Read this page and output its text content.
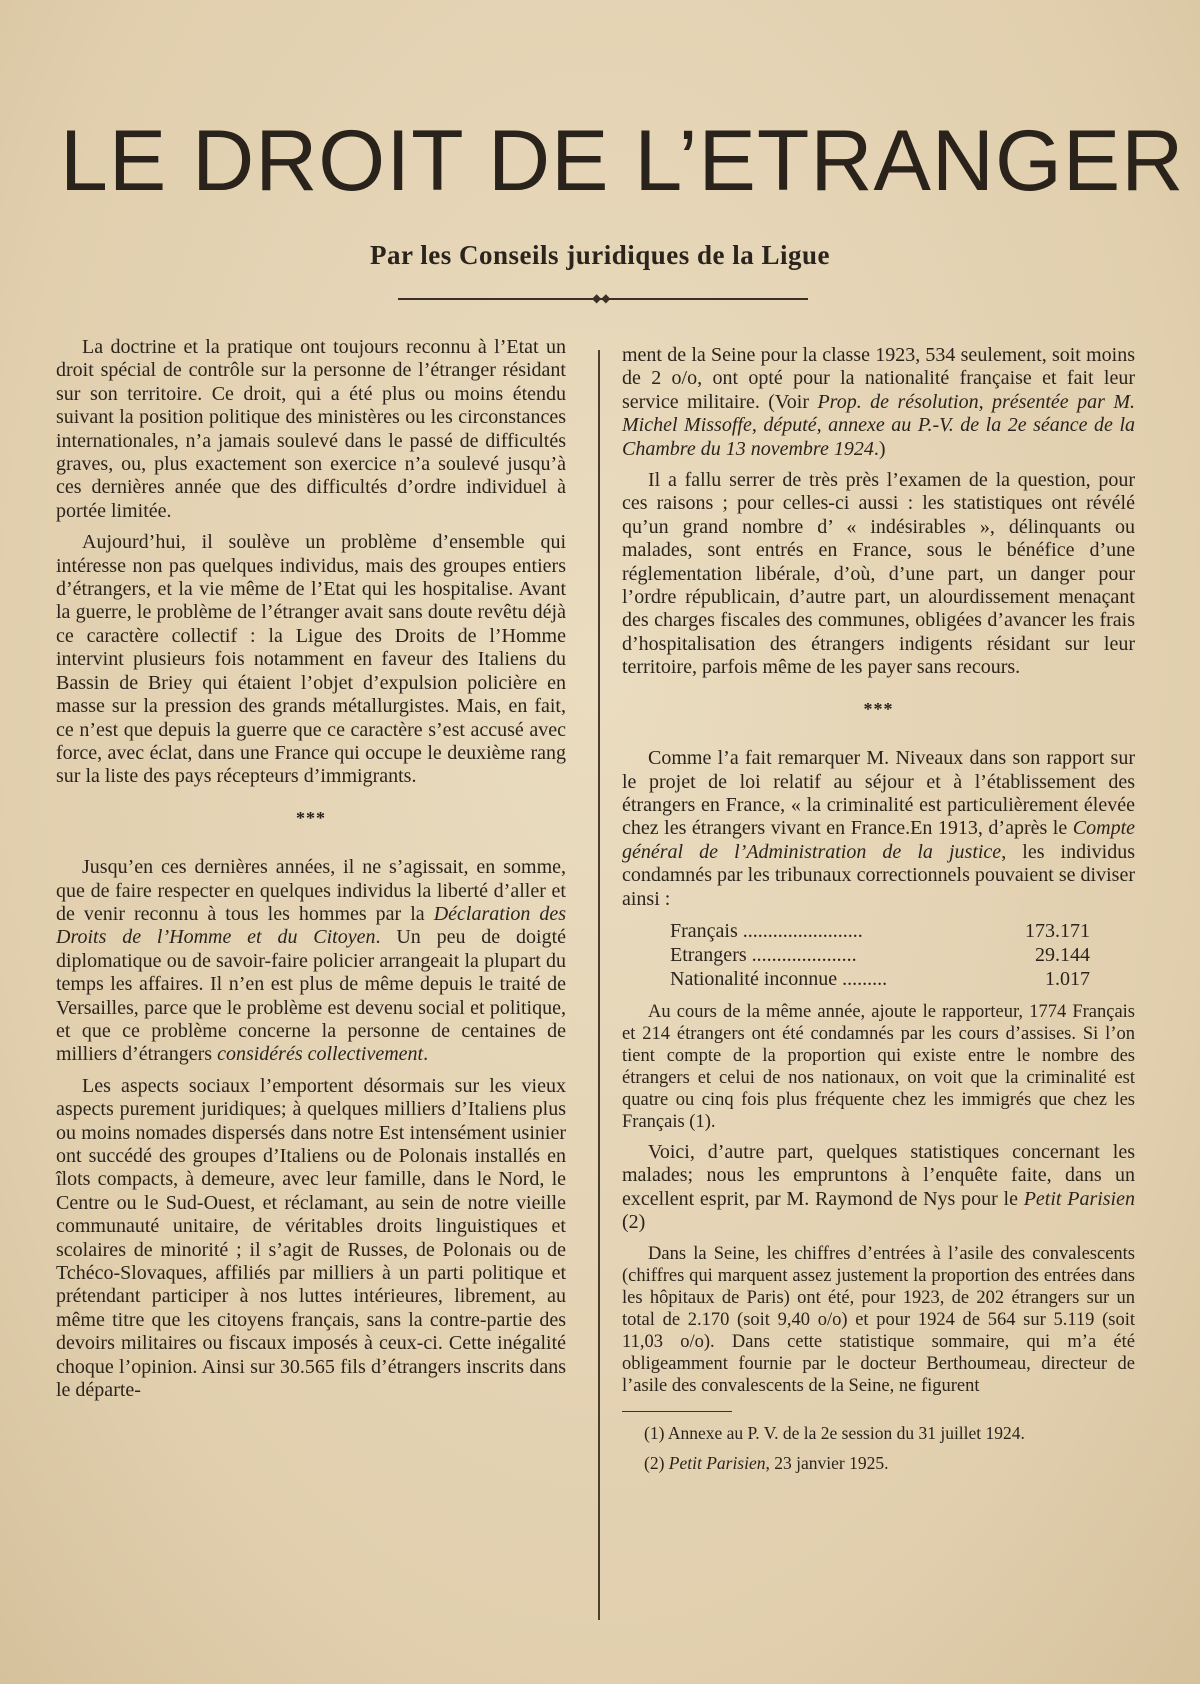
LE DROIT DE L’ETRANGER
Par les Conseils juridiques de la Ligue
◆◆

La doctrine et la pratique ont toujours reconnu à l’Etat un droit spécial de contrôle sur la personne de l’étranger résidant sur son territoire. Ce droit, qui a été plus ou moins étendu suivant la position politique des ministères ou les circonstances internationales, n’a jamais soulevé dans le passé de difficultés graves, ou, plus exactement son exercice n’a soulevé jusqu’à ces dernières année que des difficultés d’ordre individuel à portée limitée.

Aujourd’hui, il soulève un problème d’ensemble qui intéresse non pas quelques individus, mais des groupes entiers d’étrangers, et la vie même de l’Etat qui les hospitalise. Avant la guerre, le problème de l’étranger avait sans doute revêtu déjà ce caractère collectif : la Ligue des Droits de l’Homme intervint plusieurs fois notamment en faveur des Italiens du Bassin de Briey qui étaient l’objet d’expulsion policière en masse sur la pression des grands métallurgistes. Mais, en fait, ce n’est que depuis la guerre que ce caractère s’est accusé avec force, avec éclat, dans une France qui occupe le deuxième rang sur la liste des pays récepteurs d’immigrants.

***

Jusqu’en ces dernières années, il ne s’agissait, en somme, que de faire respecter en quelques individus la liberté d’aller et de venir reconnu à tous les hommes par la Déclaration des Droits de l’Homme et du Citoyen. Un peu de doigté diplomatique ou de savoir-faire policier arrangeait la plupart du temps les affaires. Il n’en est plus de même depuis le traité de Versailles, parce que le problème est devenu social et politique, et que ce problème concerne la personne de centaines de milliers d’étrangers considérés collectivement.

Les aspects sociaux l’emportent désormais sur les vieux aspects purement juridiques; à quelques milliers d’Italiens plus ou moins nomades dispersés dans notre Est intensément usinier ont succédé des groupes d’Italiens ou de Polonais installés en îlots compacts, à demeure, avec leur famille, dans le Nord, le Centre ou le Sud-Ouest, et réclamant, au sein de notre vieille communauté unitaire, de véritables droits linguistiques et scolaires de minorité ; il s’agit de Russes, de Polonais ou de Tchéco-Slovaques, affiliés par milliers à un parti politique et prétendant participer à nos luttes intérieures, librement, au même titre que les citoyens français, sans la contre-partie des devoirs militaires ou fiscaux imposés à ceux-ci. Cette inégalité choque l’opinion. Ainsi sur 30.565 fils d’étrangers inscrits dans le départe-

ment de la Seine pour la classe 1923, 534 seulement, soit moins de 2 o/o, ont opté pour la nationalité française et fait leur service militaire. (Voir Prop. de résolution, présentée par M. Michel Missoffe, député, annexe au P.-V. de la 2e séance de la Chambre du 13 novembre 1924.)

Il a fallu serrer de très près l’examen de la question, pour ces raisons ; pour celles-ci aussi : les statistiques ont révélé qu’un grand nombre d’ « indésirables », délinquants ou malades, sont entrés en France, sous le bénéfice d’une réglementation libérale, d’où, d’une part, un danger pour l’ordre républicain, d’autre part, un alourdissement menaçant des charges fiscales des communes, obligées d’avancer les frais d’hospitalisation des étrangers indigents résidant sur leur territoire, parfois même de les payer sans recours.

***

Comme l’a fait remarquer M. Niveaux dans son rapport sur le projet de loi relatif au séjour et à l’établissement des étrangers en France, « la criminalité est particulièrement élevée chez les étrangers vivant en France.En 1913, d’après le Compte général de l’Administration de la justice, les individus condamnés par les tribunaux correctionnels pouvaient se diviser ainsi :

Français ........................	173.171
Etrangers .....................	29.144
Nationalité inconnue .........	1.017

Au cours de la même année, ajoute le rapporteur, 1774 Français et 214 étrangers ont été condamnés par les cours d’assises. Si l’on tient compte de la proportion qui existe entre le nombre des étrangers et celui de nos nationaux, on voit que la criminalité est quatre ou cinq fois plus fréquente chez les immigrés que chez les Français (1).

Voici, d’autre part, quelques statistiques concernant les malades; nous les empruntons à l’enquête faite, dans un excellent esprit, par M. Raymond de Nys pour le Petit Parisien (2)

Dans la Seine, les chiffres d’entrées à l’asile des convalescents (chiffres qui marquent assez justement la proportion des entrées dans les hôpitaux de Paris) ont été, pour 1923, de 202 étrangers sur un total de 2.170 (soit 9,40 o/o) et pour 1924 de 564 sur 5.119 (soit 11,03 o/o). Dans cette statistique sommaire, qui m’a été obligeamment fournie par le docteur Berthoumeau, directeur de l’asile des convalescents de la Seine, ne figurent

(1) Annexe au P. V. de la 2e session du 31 juillet 1924.

(2) Petit Parisien, 23 janvier 1925.
